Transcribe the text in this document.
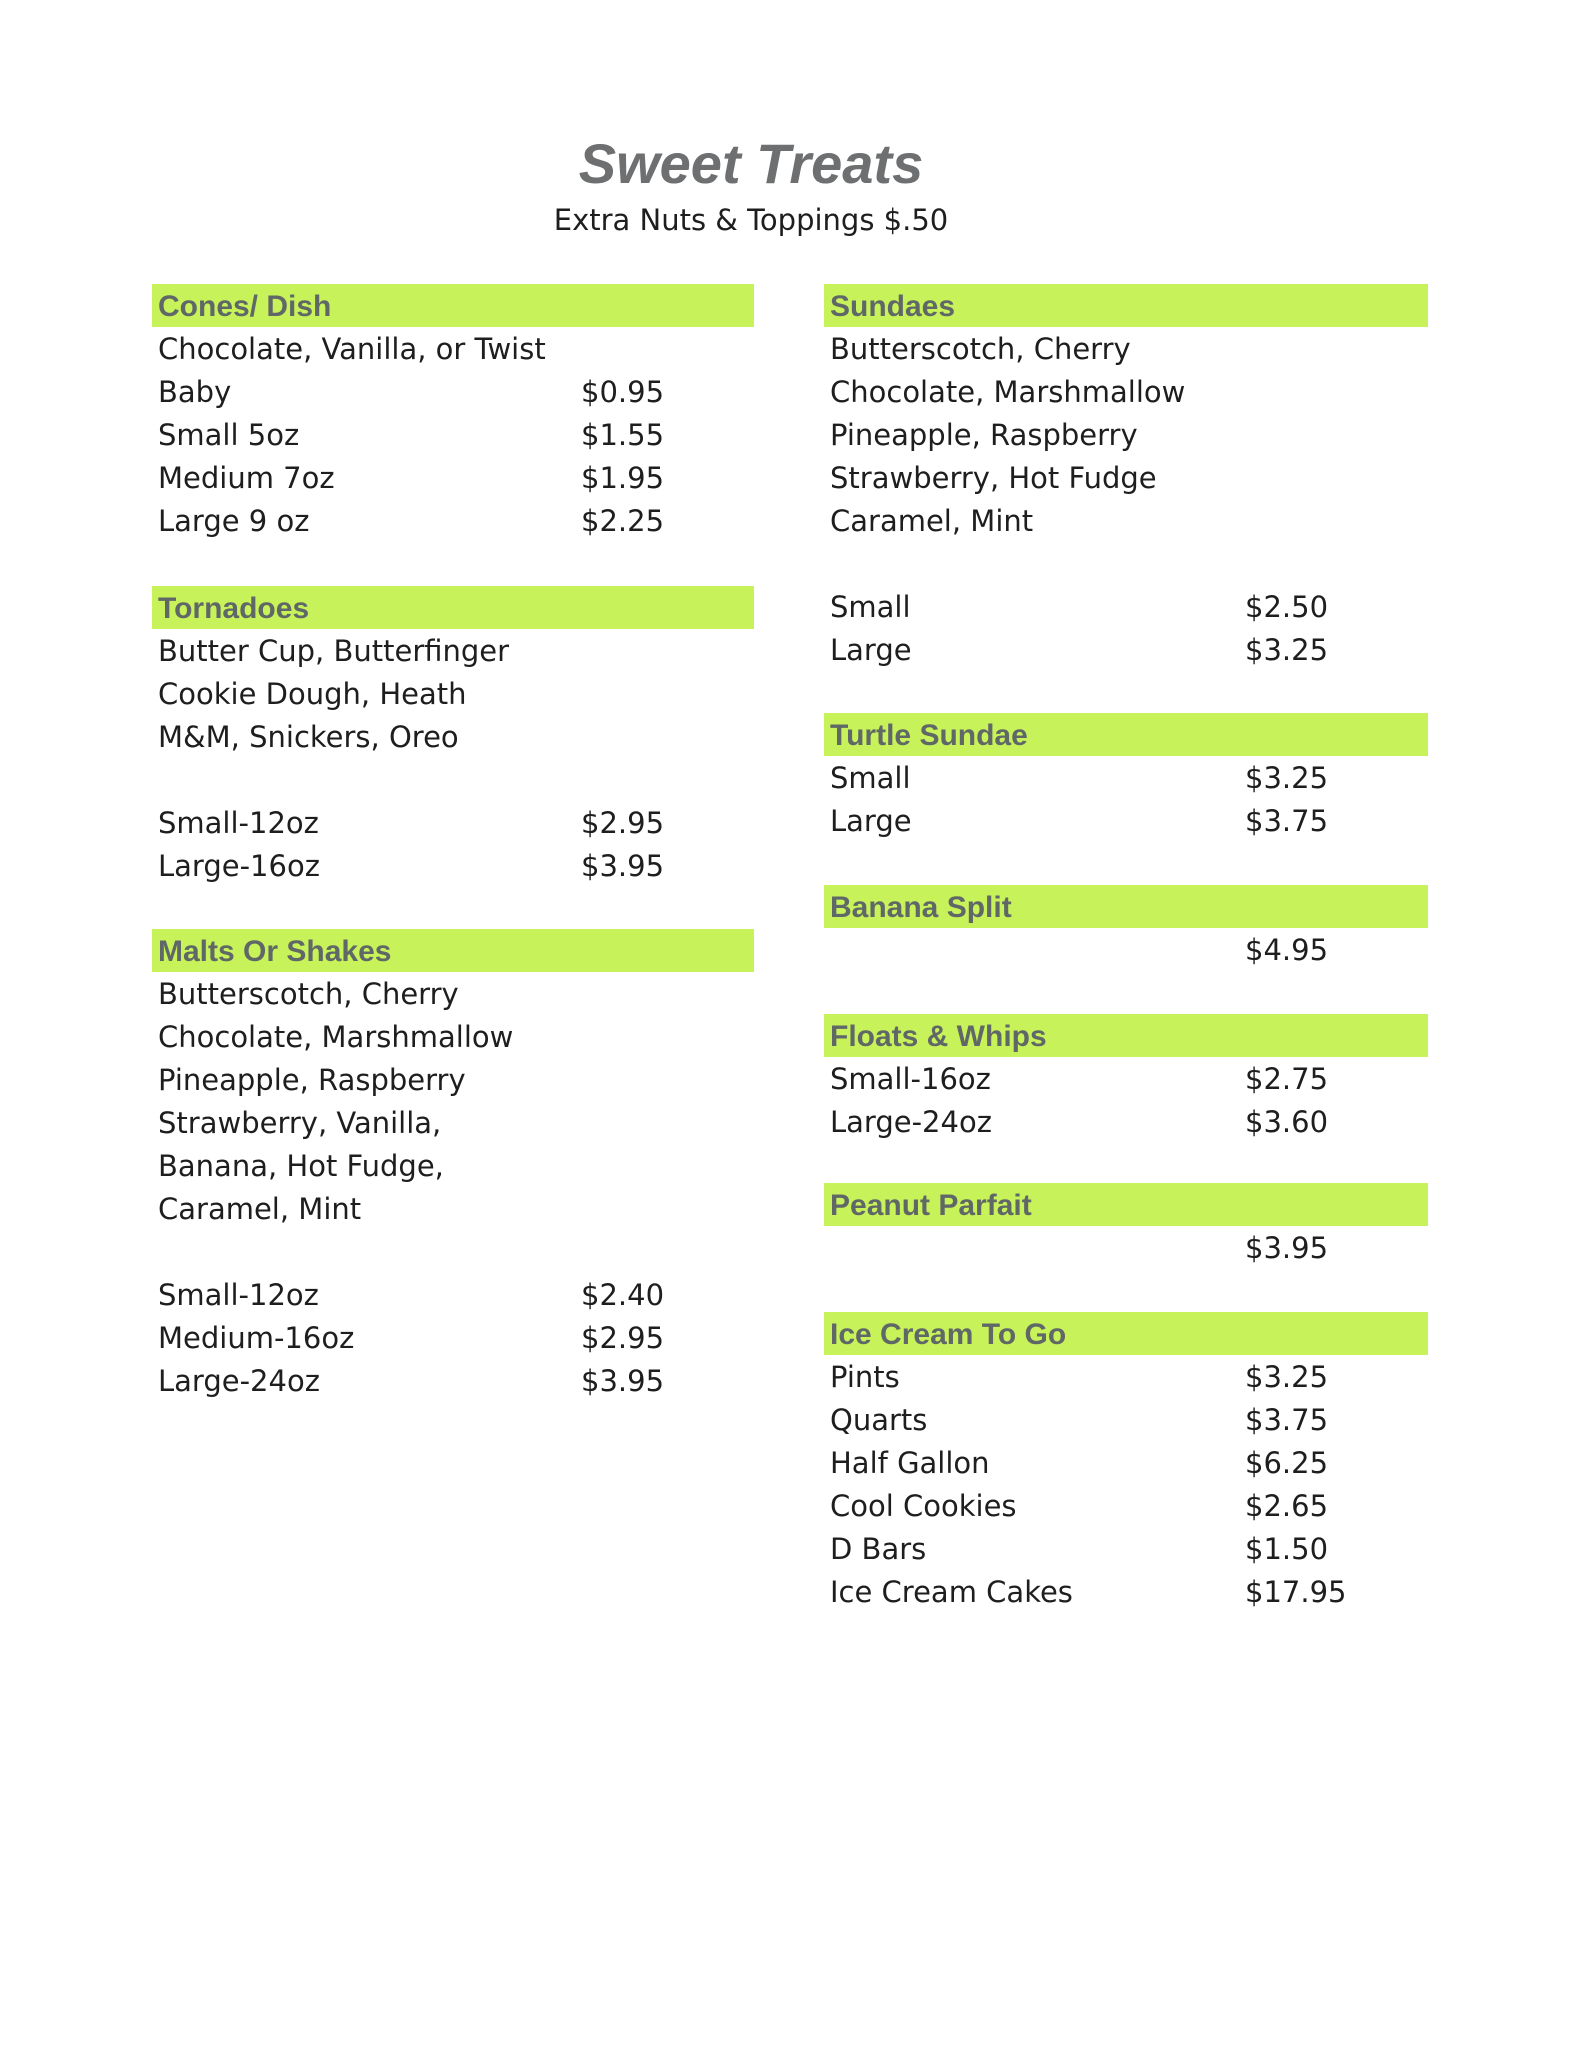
Sweet Treats
Extra Nuts & Toppings $.50
Cones/ Dish
Chocolate, Vanilla, or Twist
Baby	$0.95
Small 5oz	$1.55
Medium 7oz	$1.95
Large 9 oz	$2.25
Tornadoes
Butter Cup, Butterfinger
Cookie Dough, Heath
M&M, Snickers, Oreo
Small-12oz	$2.95
Large-16oz	$3.95
Malts Or Shakes
Butterscotch, Cherry
Chocolate, Marshmallow
Pineapple, Raspberry
Strawberry, Vanilla,
Banana, Hot Fudge,
Caramel, Mint
Small-12oz	$2.40
Medium-16oz	$2.95
Large-24oz	$3.95
Sundaes
Butterscotch, Cherry
Chocolate, Marshmallow
Pineapple, Raspberry
Strawberry, Hot Fudge
Caramel, Mint
Small	$2.50
Large	$3.25
Turtle Sundae
Small	$3.25
Large	$3.75
Banana Split
$4.95
Floats & Whips
Small-16oz	$2.75
Large-24oz	$3.60
Peanut Parfait
$3.95
Ice Cream To Go
Pints	$3.25
Quarts	$3.75
Half Gallon	$6.25
Cool Cookies	$2.65
D Bars	$1.50
Ice Cream Cakes	$17.95
